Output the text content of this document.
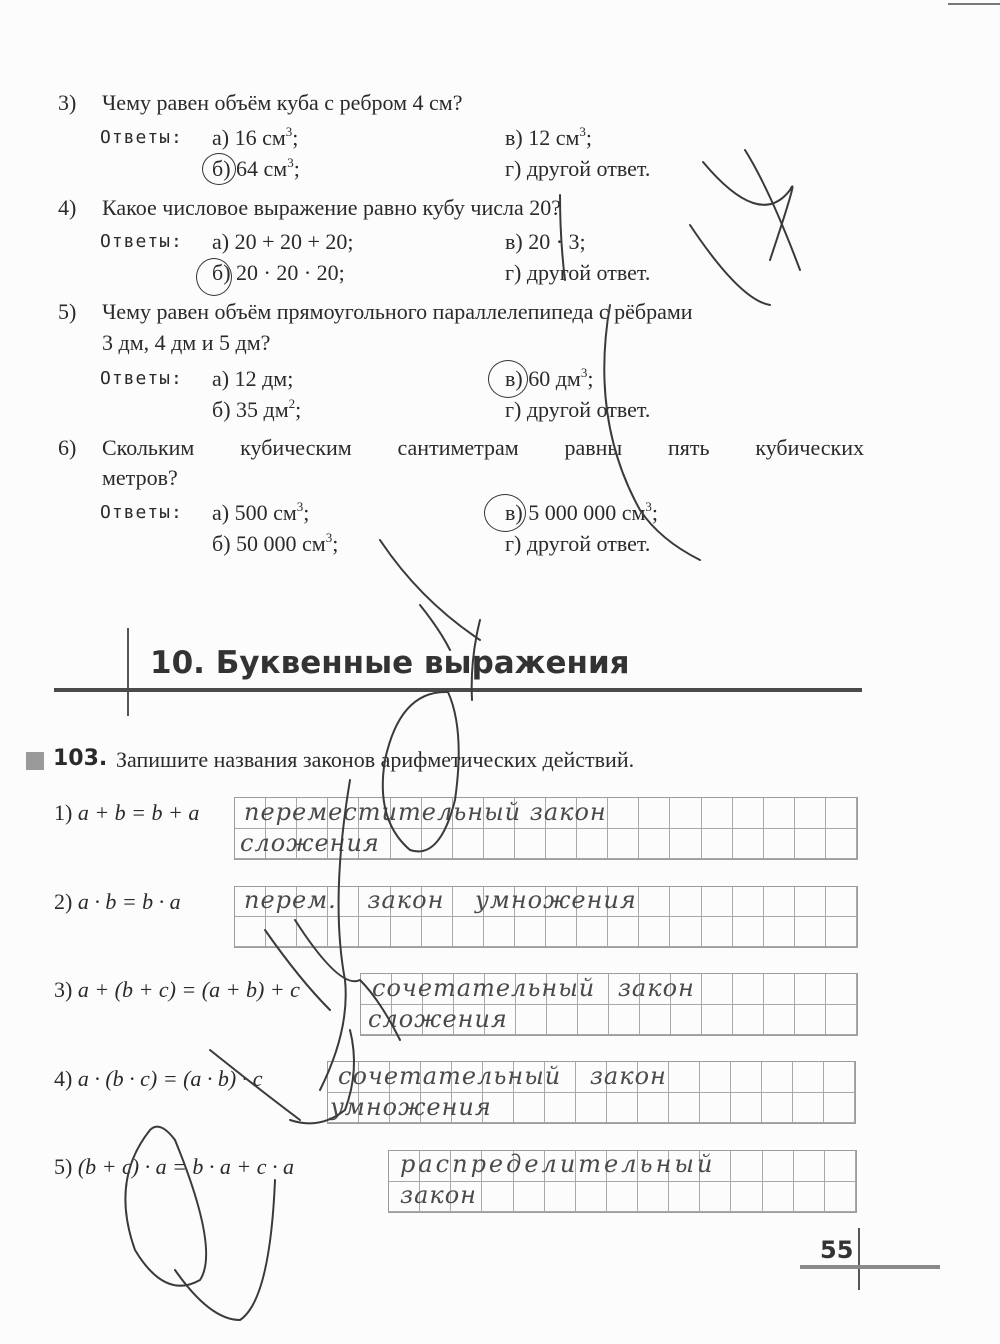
3)	Чему равен объём куба с ребром 4 см?
Ответы: а) 16 $см^3$;
б) 64 $см^3$;
в) 12 $см^3$;
г) другой ответ.
4)	Какое числовое выражение равно кубу числа 20?
Ответы: а) 20 + 20 + 20;
б) 20 · 20 · 20;
в) 20 · 3;
г) другой ответ.
5)	Чему равен объём прямоугольного параллелепипеда с рёбрами
3 дм, 4 дм и 5 дм?
Ответы: а) 12 дм;
б) 35 $дм^2$;
в) 60 $дм^3$;
г) другой ответ.
6)	Скольким кубическим сантиметрам равны пять кубических
метров?
Ответы: а) 500 $см^3$;
б) 50 000 $см^3$;
в) 5 000 000 $см^3$;
г) другой ответ.
10. Буквенные выражения
103. Запишите названия законов арифметических действий.
1) a + b = b + a переместительный закон
сложения
2) a · b = b · a	перем. закон умножения
3) a + (b + c) = (a + b) + c	сочетательный закон
сложения
4) a · (b · c) = (a · b) · c	сочетательный закон
умножения
5) (b + c) · a = b · a + c · a	распределительный
закон
55
